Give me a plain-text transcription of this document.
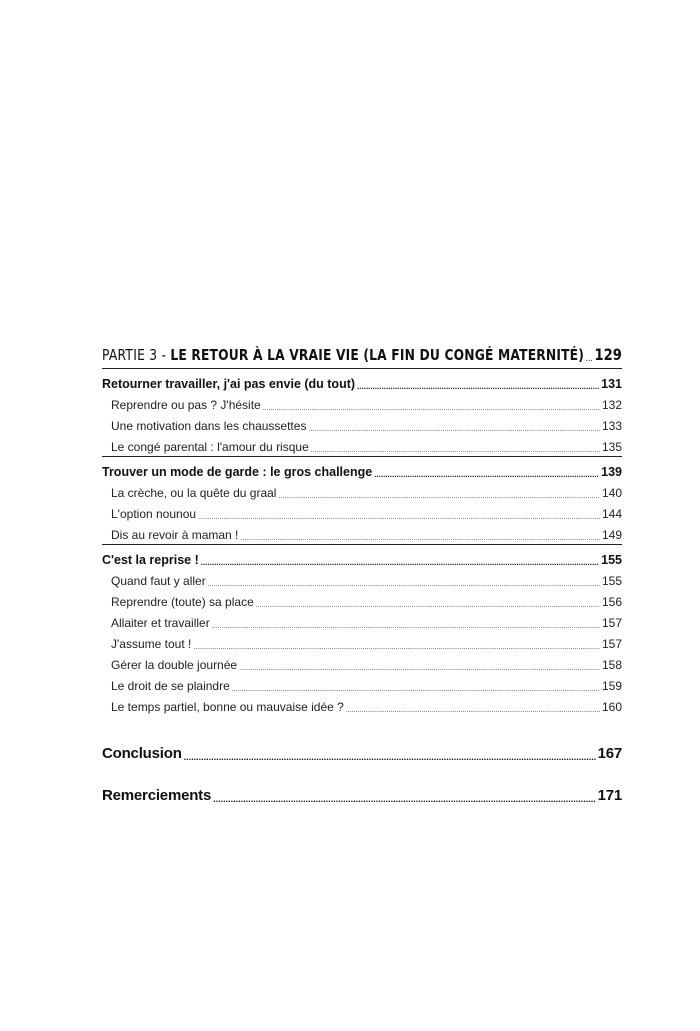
PARTIE 3 - LE RETOUR À LA VRAIE VIE (LA FIN DU CONGÉ MATERNITÉ) ..... 129
Retourner travailler, j'ai pas envie (du tout) .....	131
Reprendre ou pas ? J'hésite .....	132
Une motivation dans les chaussettes .....	133
Le congé parental : l'amour du risque .....	135
Trouver un mode de garde : le gros challenge .....	139
La crèche, ou la quête du graal .....	140
L'option nounou .....	144
Dis au revoir à maman ! .....	149
C'est la reprise ! .....	155
Quand faut y aller .....	155
Reprendre (toute) sa place .....	156
Allaiter et travailler .....	157
J'assume tout ! .....	157
Gérer la double journée .....	158
Le droit de se plaindre .....	159
Le temps partiel, bonne ou mauvaise idée ? .....	160
Conclusion .....	167
Remerciements .....	171
